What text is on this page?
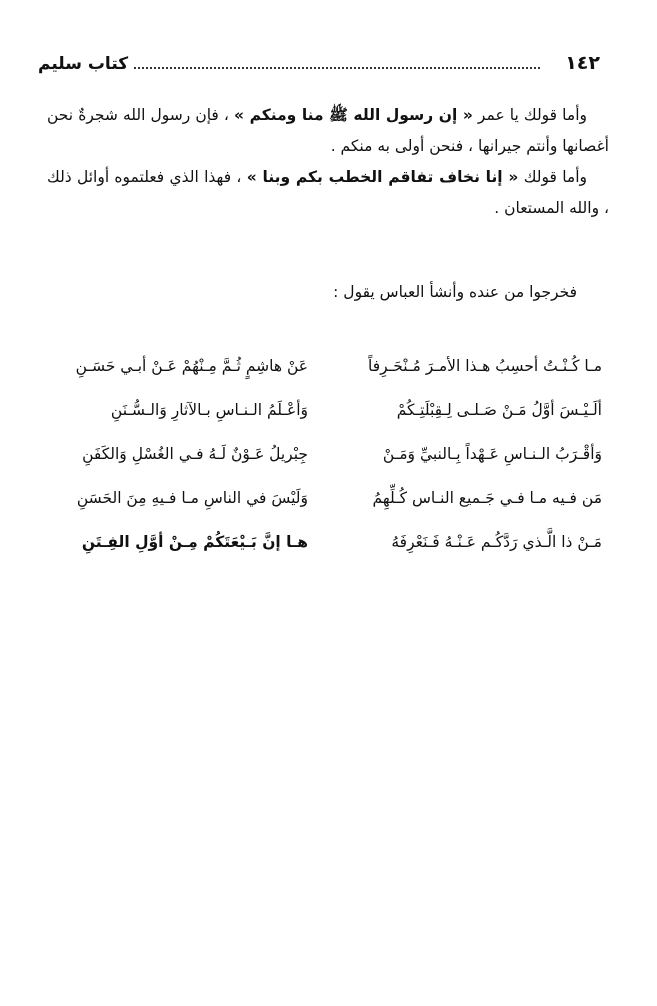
كتاب سليم	١٤٢

وأما قولك يا عمر « إن رسول الله ﷺ منا ومنكم » ، فإن رسول الله شجرةٌ نحن أغصانها وأنتم جيرانها ، فنحن أولى به منكم .

وأما قولك « إنا نخاف تفاقم الخطب بكم وبنا » ، فهذا الذي فعلتموه أوائل ذلك ، والله المستعان .

فخرجوا من عنده وأنشأ العباس يقول :
مـا كُـنْـتُ أحسِبُ هـذا الأمـرَ مُـنْحَـرِفاً
عَنْ هاشِمٍ ثُـمَّ مِـنْهُمْ عَـنْ أبـي حَسَـنِ
ألَـيْـسَ أوَّلُ مَـنْ صَـلـى لِـقِبْلَتِـكُمْ
وَأعْـلَمُ الـنـاسِ بـالآثارِ وَالـسُّـنَنِ
وَأقْـرَبُ الـنـاسِ عَـهْداً بِـالنبيِّ وَمَـنْ
جِبْريلُ عَـوْنٌ لَـهُ فـي الغُسْلِ وَالكَفَنِ
مَن فـيه مـا فـي جَـميع النـاس كُـلِّهِمُ
وَلَيْسَ في الناسِ مـا فـيهِ مِنَ الحَسَنِ
مَـنْ ذا الَّـذي رَدَّكُـم عَـنْـهُ فَـنَعْرِفَهُ
هـا إنَّ بَـيْعَتَكُمْ مِـنْ أوَّلِ الفِـتَنِ
